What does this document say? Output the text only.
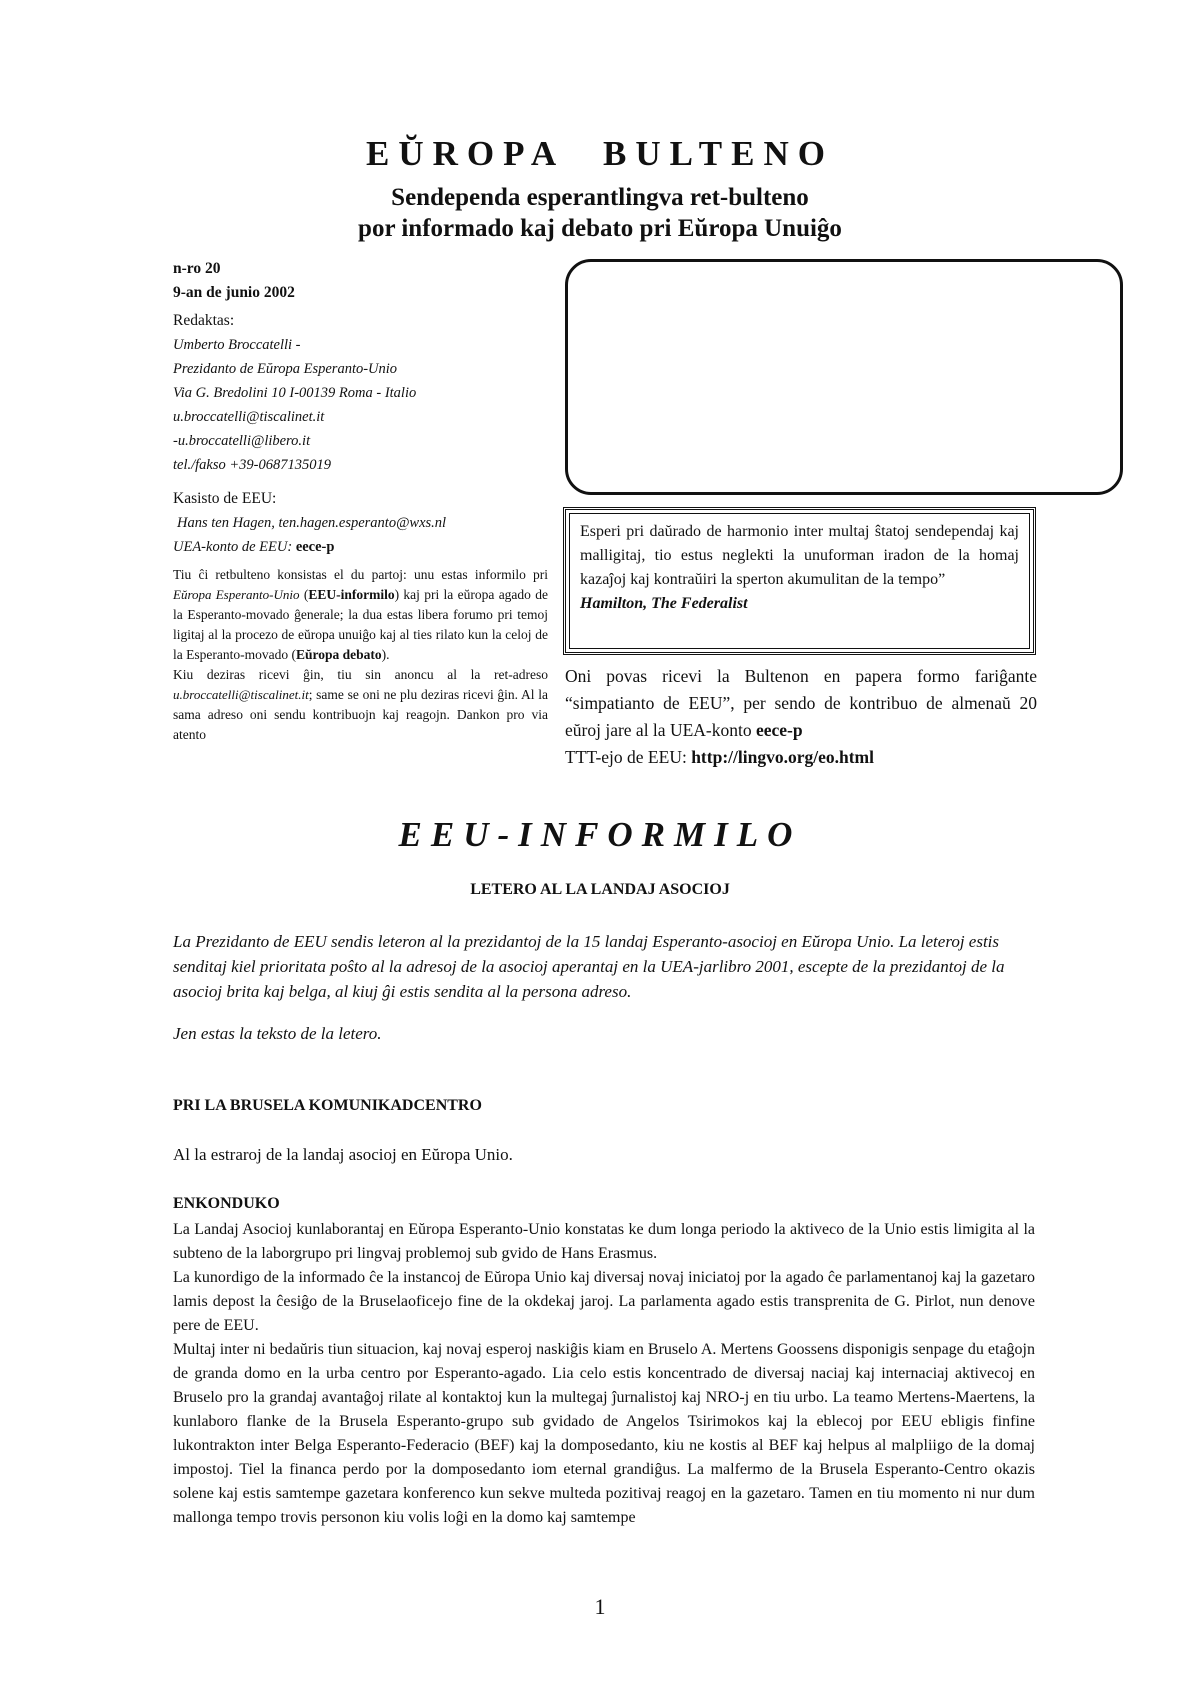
EŬROPA BULTENO
Sendependa esperantlingva ret-bulteno
por informado kaj debato pri Eŭropa Unuiĝo
n-ro 20
9-an de junio 2002
Redaktas:
Umberto Broccatelli -
Prezidanto de Eŭropa Esperanto-Unio
Via G. Bredolini 10 I-00139 Roma - Italio
u.broccatelli@tiscalinet.it
-u.broccatelli@libero.it
tel./fakso +39-0687135019
Kasisto de EEU:
Hans ten Hagen, ten.hagen.esperanto@wxs.nl
UEA-konto de EEU: eece-p

Tiu ĉi retbulteno konsistas el du partoj: unu estas informilo pri Eŭropa Esperanto-Unio (EEU-informilo) kaj pri la eŭropa agado de la Esperanto-movado ĝenerale; la dua estas libera forumo pri temoj ligitaj al la procezo de eŭropa unuiĝo kaj al ties rilato kun la celoj de la Esperanto-movado (Eŭropa debato).

Kiu deziras ricevi ĝin, tiu sin anoncu al la ret-adreso u.broccatelli@tiscalinet.it; same se oni ne plu deziras ricevi ĝin. Al la sama adreso oni sendu kontribuojn kaj reagojn. Dankon pro via atento

Esperi pri daŭrado de harmonio inter multaj ŝtatoj sendependaj kaj malligitaj, tio estus neglekti la unuforman iradon de la homaj kazaĵoj kaj kontraŭiri la sperton akumulitan de la tempo”
Hamilton, The Federalist
Oni povas ricevi la Bultenon en papera formo fariĝante “simpatianto de EEU”, per sendo de kontribuo de almenaŭ 20 eŭroj jare al la UEA-konto eece-p
TTT-ejo de EEU: http://lingvo.org/eo.html
EEU-INFORMILO
LETERO AL LA LANDAJ ASOCIOJ
La Prezidanto de EEU sendis leteron al la prezidantoj de la 15 landaj Esperanto-asocioj en Eŭropa Unio. La leteroj estis senditaj kiel prioritata poŝto al la adresoj de la asocioj aperantaj en la UEA-jarlibro 2001, escepte de la prezidantoj de la asocioj brita kaj belga, al kiuj ĝi estis sendita al la persona adreso.
Jen estas la teksto de la letero.
PRI LA BRUSELA KOMUNIKADCENTRO
Al la estraroj de la landaj asocioj en Eŭropa Unio.
ENKONDUKO

La Landaj Asocioj kunlaborantaj en Eŭropa Esperanto-Unio konstatas ke dum longa periodo la aktiveco de la Unio estis limigita al la subteno de la laborgrupo pri lingvaj problemoj sub gvido de Hans Erasmus.

La kunordigo de la informado ĉe la instancoj de Eŭropa Unio kaj diversaj novaj iniciatoj por la agado ĉe parlamentanoj kaj la gazetaro lamis depost la ĉesiĝo de la Bruselaoficejo fine de la okdekaj jaroj. La parlamenta agado estis transprenita de G. Pirlot, nun denove pere de EEU.

Multaj inter ni bedaŭris tiun situacion, kaj novaj esperoj naskiĝis kiam en Bruselo A. Mertens Goossens disponigis senpage du etaĝojn de granda domo en la urba centro por Esperanto-agado. Lia celo estis koncentrado de diversaj naciaj kaj internaciaj aktivecoj en Bruselo pro la grandaj avantaĝoj rilate al kontaktoj kun la multegaj ĵurnalistoj kaj NRO-j en tiu urbo. La teamo Mertens-Maertens, la kunlaboro flanke de la Brusela Esperanto-grupo sub gvidado de Angelos Tsirimokos kaj la eblecoj por EEU ebligis finfine lukontrakton inter Belga Esperanto-Federacio (BEF) kaj la domposedanto, kiu ne kostis al BEF kaj helpus al malpliigo de la domaj impostoj. Tiel la financa perdo por la domposedanto iom eternal grandiĝus. La malfermo de la Brusela Esperanto-Centro okazis solene kaj estis samtempe gazetara konferenco kun sekve multeda pozitivaj reagoj en la gazetaro. Tamen en tiu momento ni nur dum mallonga tempo trovis personon kiu volis loĝi en la domo kaj samtempe

1
